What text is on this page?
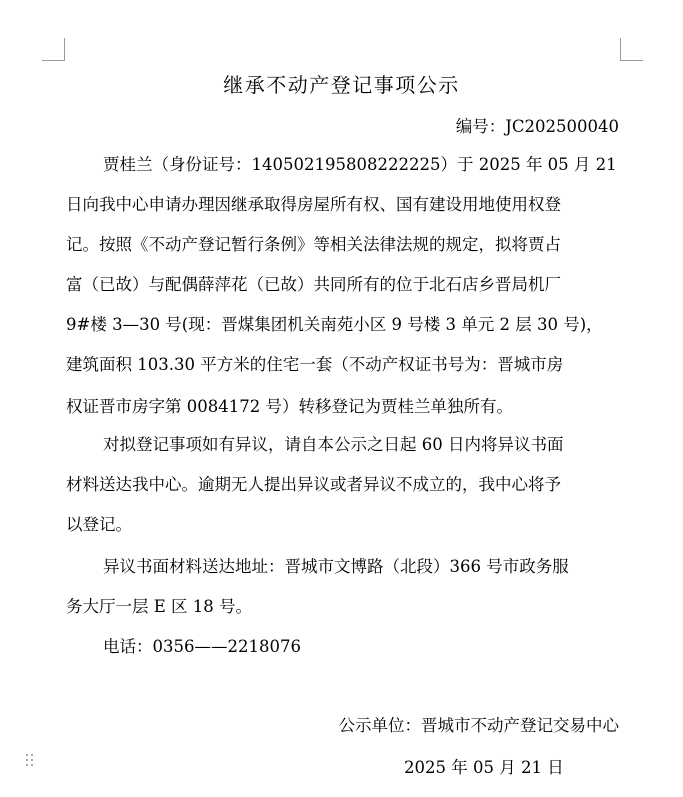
继承不动产登记事项公示
编号：JC202500040
贾桂兰（身份证号：140502195808222225）于 2025 年 05 月 21
日向我中心申请办理因继承取得房屋所有权、国有建设用地使用权登
记。按照《不动产登记暂行条例》等相关法律法规的规定，拟将贾占
富（已故）与配偶薛萍花（已故）共同所有的位于北石店乡晋局机厂
9#楼 3—30 号(现：晋煤集团机关南苑小区 9 号楼 3 单元 2 层 30 号)，
建筑面积 103.30 平方米的住宅一套（不动产权证书号为：晋城市房
权证晋市房字第 0084172 号）转移登记为贾桂兰单独所有。
对拟登记事项如有异议，请自本公示之日起 60 日内将异议书面
材料送达我中心。逾期无人提出异议或者异议不成立的，我中心将予
以登记。
异议书面材料送达地址：晋城市文博路（北段）366 号市政务服
务大厅一层 E 区 18 号。
电话：0356——2218076
公示单位：晋城市不动产登记交易中心
2025 年 05 月 21 日
